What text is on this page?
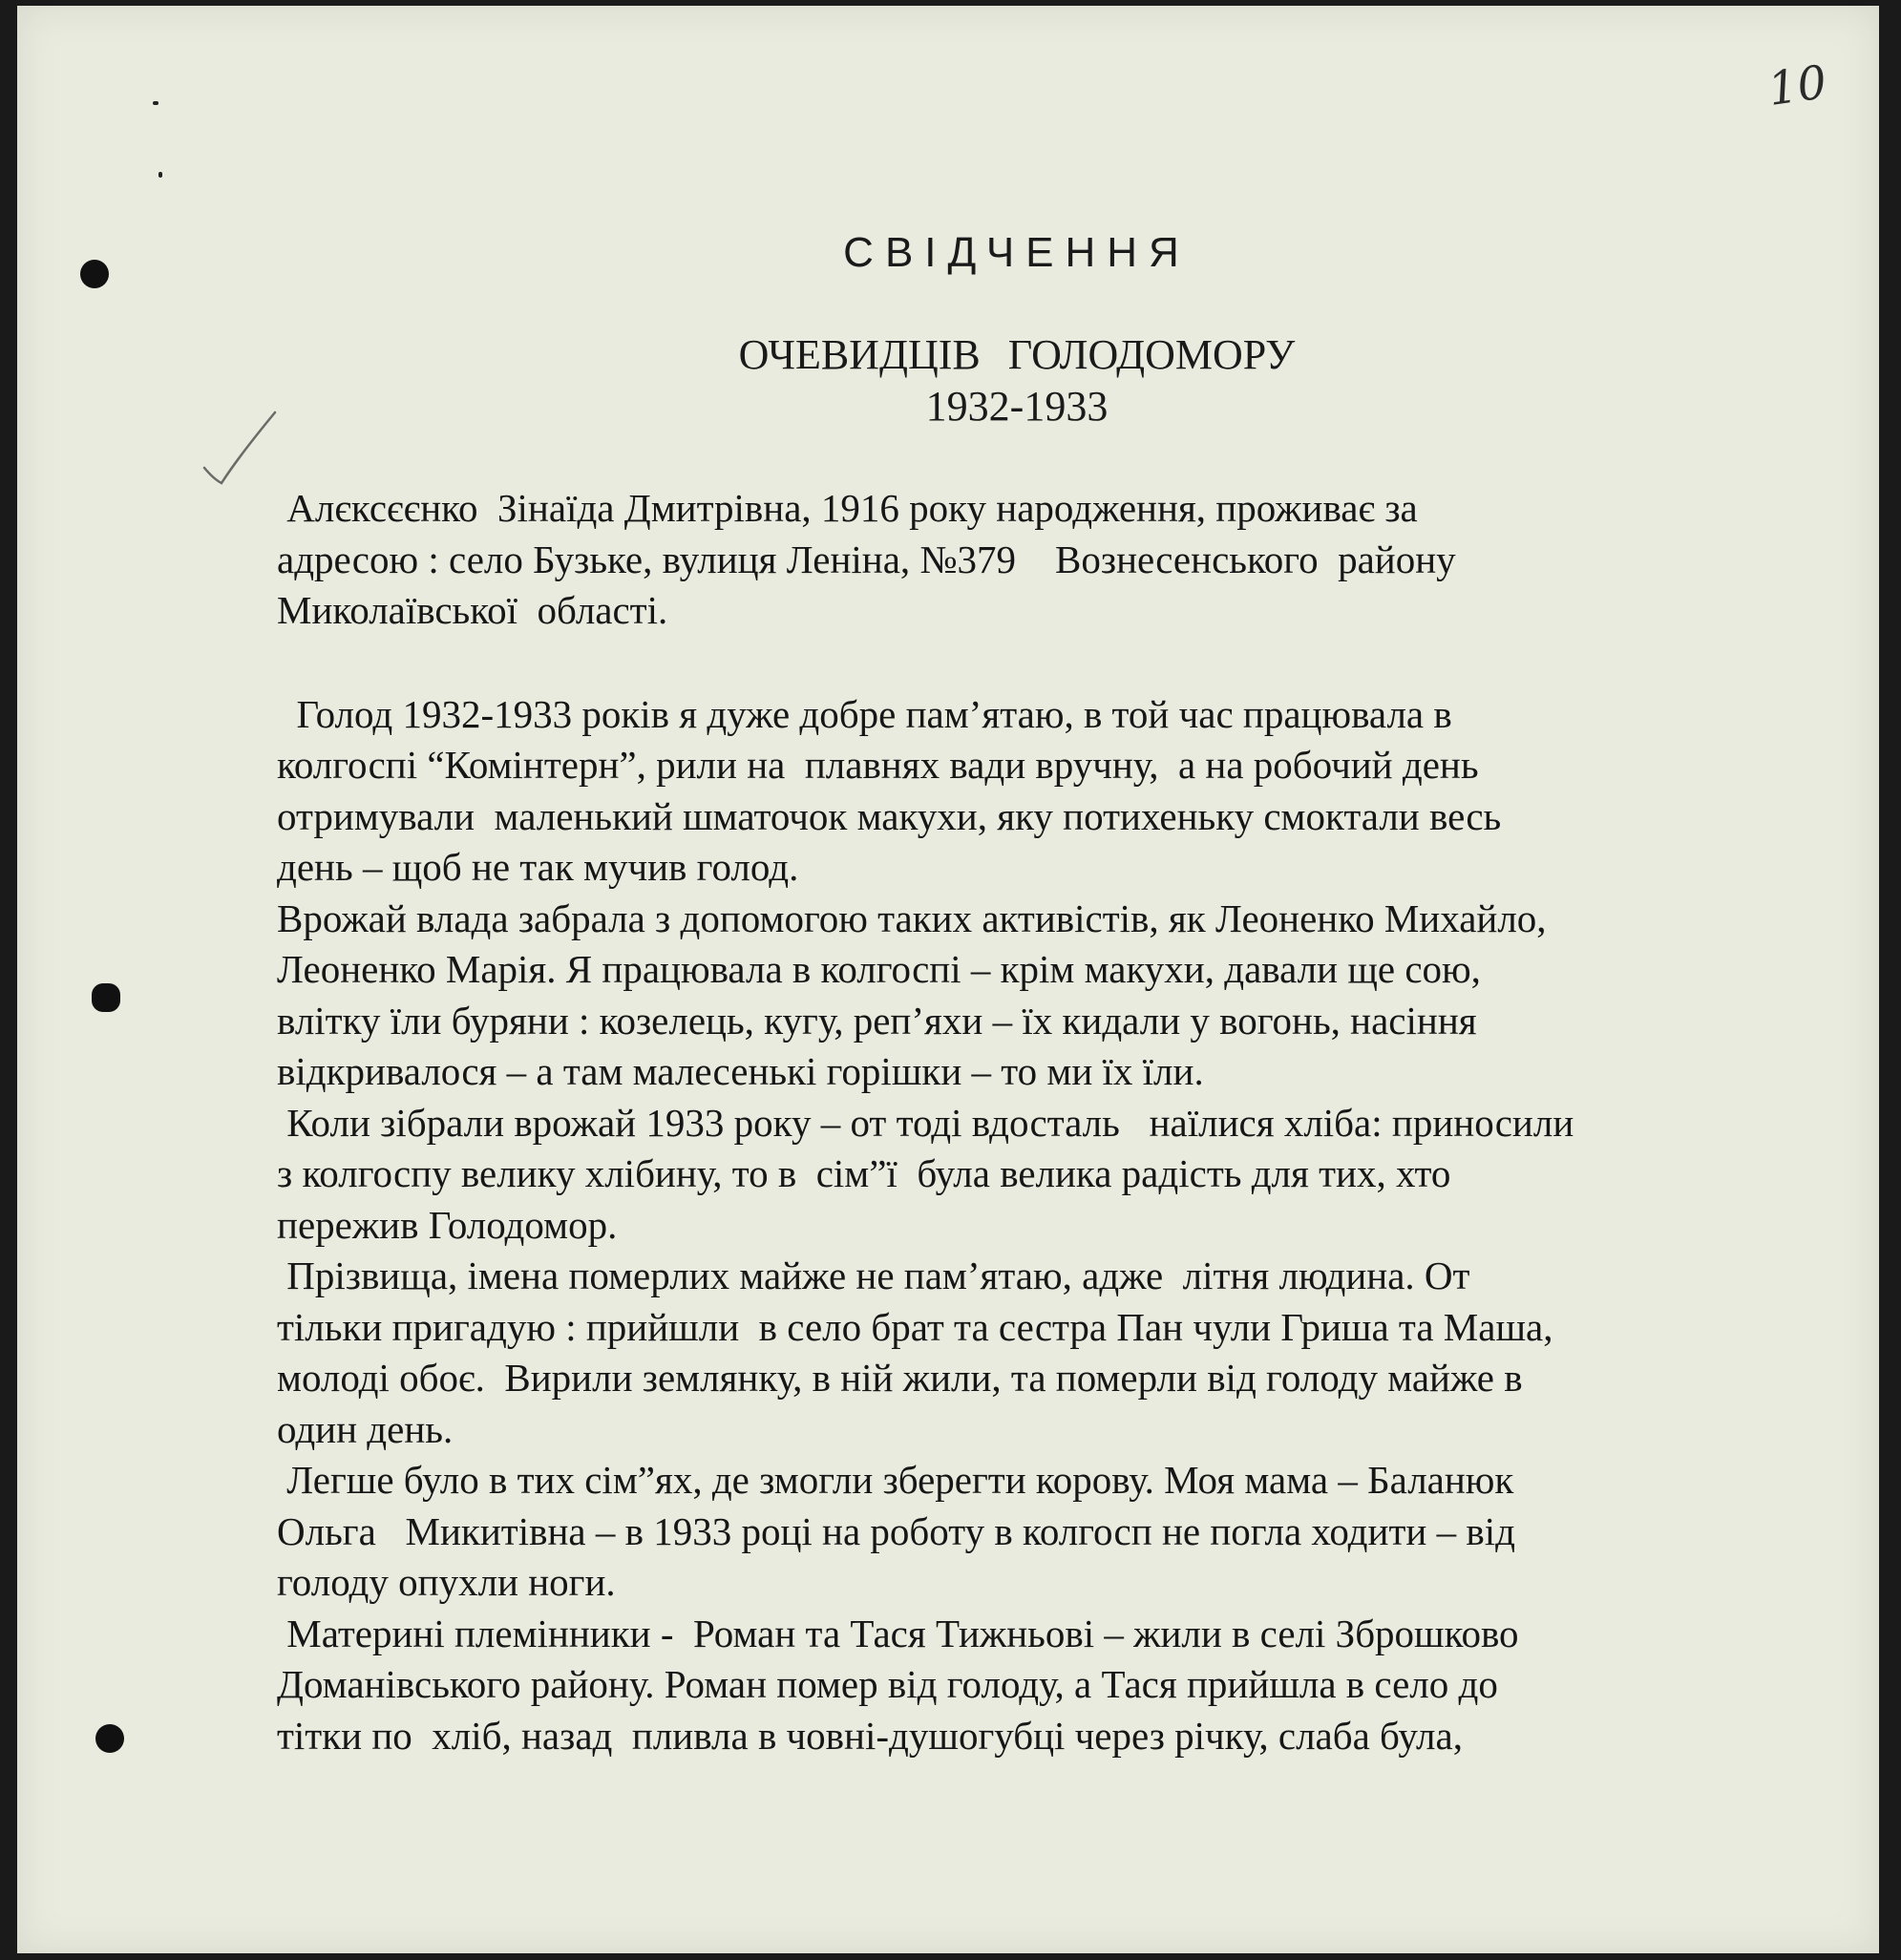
10
СВІДЧЕННЯ
ОЧЕВИДЦІВ ГОЛОДОМОРУ
1932-1933

Алєксєєнко  Зінаїда Дмитрівна, 1916 року народження, проживає за

адресою : село Бузьке, вулиця Леніна, №379    Вознесенського  району

Миколаївської  області.

Голод 1932-1933 років я дуже добре пам’ятаю, в той час працювала в

колгоспі “Комінтерн”, рили на  плавнях вади вручну,  а на робочий день

отримували  маленький шматочок макухи, яку потихеньку смоктали весь

день – щоб не так мучив голод.

Врожай влада забрала з допомогою таких активістів, як Леоненко Михайло,

Леоненко Марія. Я працювала в колгоспі – крім макухи, давали ще сою,

влітку їли буряни : козелець, кугу, реп’яхи – їх кидали у вогонь, насіння

відкривалося – а там малесенькі горішки – то ми їх їли.

Коли зібрали врожай 1933 року – от тоді вдосталь   наїлися хліба: приносили

з колгоспу велику хлібину, то в  сім”ї  була велика радість для тих, хто

пережив Голодомор.

Прізвища, імена померлих майже не пам’ятаю, адже  літня людина. От

тільки пригадую : прийшли  в село брат та сестра Пан чули Гриша та Маша,

молоді обоє.  Вирили землянку, в ній жили, та померли від голоду майже в

один день.

Легше було в тих сім”ях, де змогли зберегти корову. Моя мама – Баланюк

Ольга   Микитівна – в 1933 році на роботу в колгосп не погла ходити – від

голоду опухли ноги.

Материні племінники -  Роман та Тася Тижньові – жили в селі Зброшково

Доманівського району. Роман помер від голоду, а Тася прийшла в село до

тітки по  хліб, назад  пливла в човні-душогубці через річку, слаба була,
